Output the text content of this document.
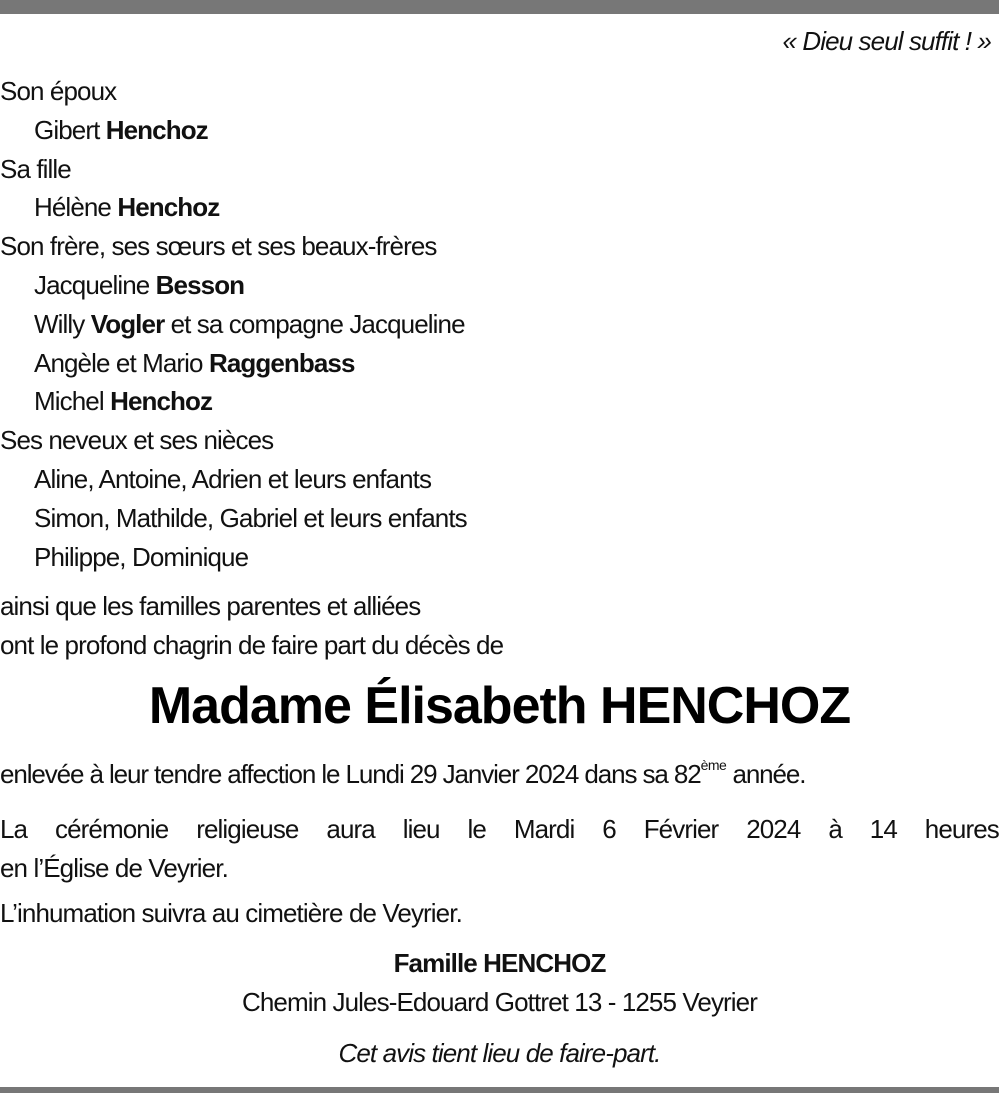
« Dieu seul suffit ! »
Son époux
Gibert Henchoz
Sa fille
Hélène Henchoz
Son frère, ses sœurs et ses beaux-frères
Jacqueline Besson
Willy Vogler et sa compagne Jacqueline
Angèle et Mario Raggenbass
Michel Henchoz
Ses neveux et ses nièces
Aline, Antoine, Adrien et leurs enfants
Simon, Mathilde, Gabriel et leurs enfants
Philippe, Dominique
ainsi que les familles parentes et alliées
ont le profond chagrin de faire part du décès de
Madame Élisabeth HENCHOZ
enlevée à leur tendre affection le Lundi 29 Janvier 2024 dans sa 82ème année.
La cérémonie religieuse aura lieu le Mardi 6 Février 2024 à 14 heures
en l’Église de Veyrier.
L’inhumation suivra au cimetière de Veyrier.
Famille HENCHOZ
Chemin Jules-Edouard Gottret 13 - 1255 Veyrier
Cet avis tient lieu de faire-part.
